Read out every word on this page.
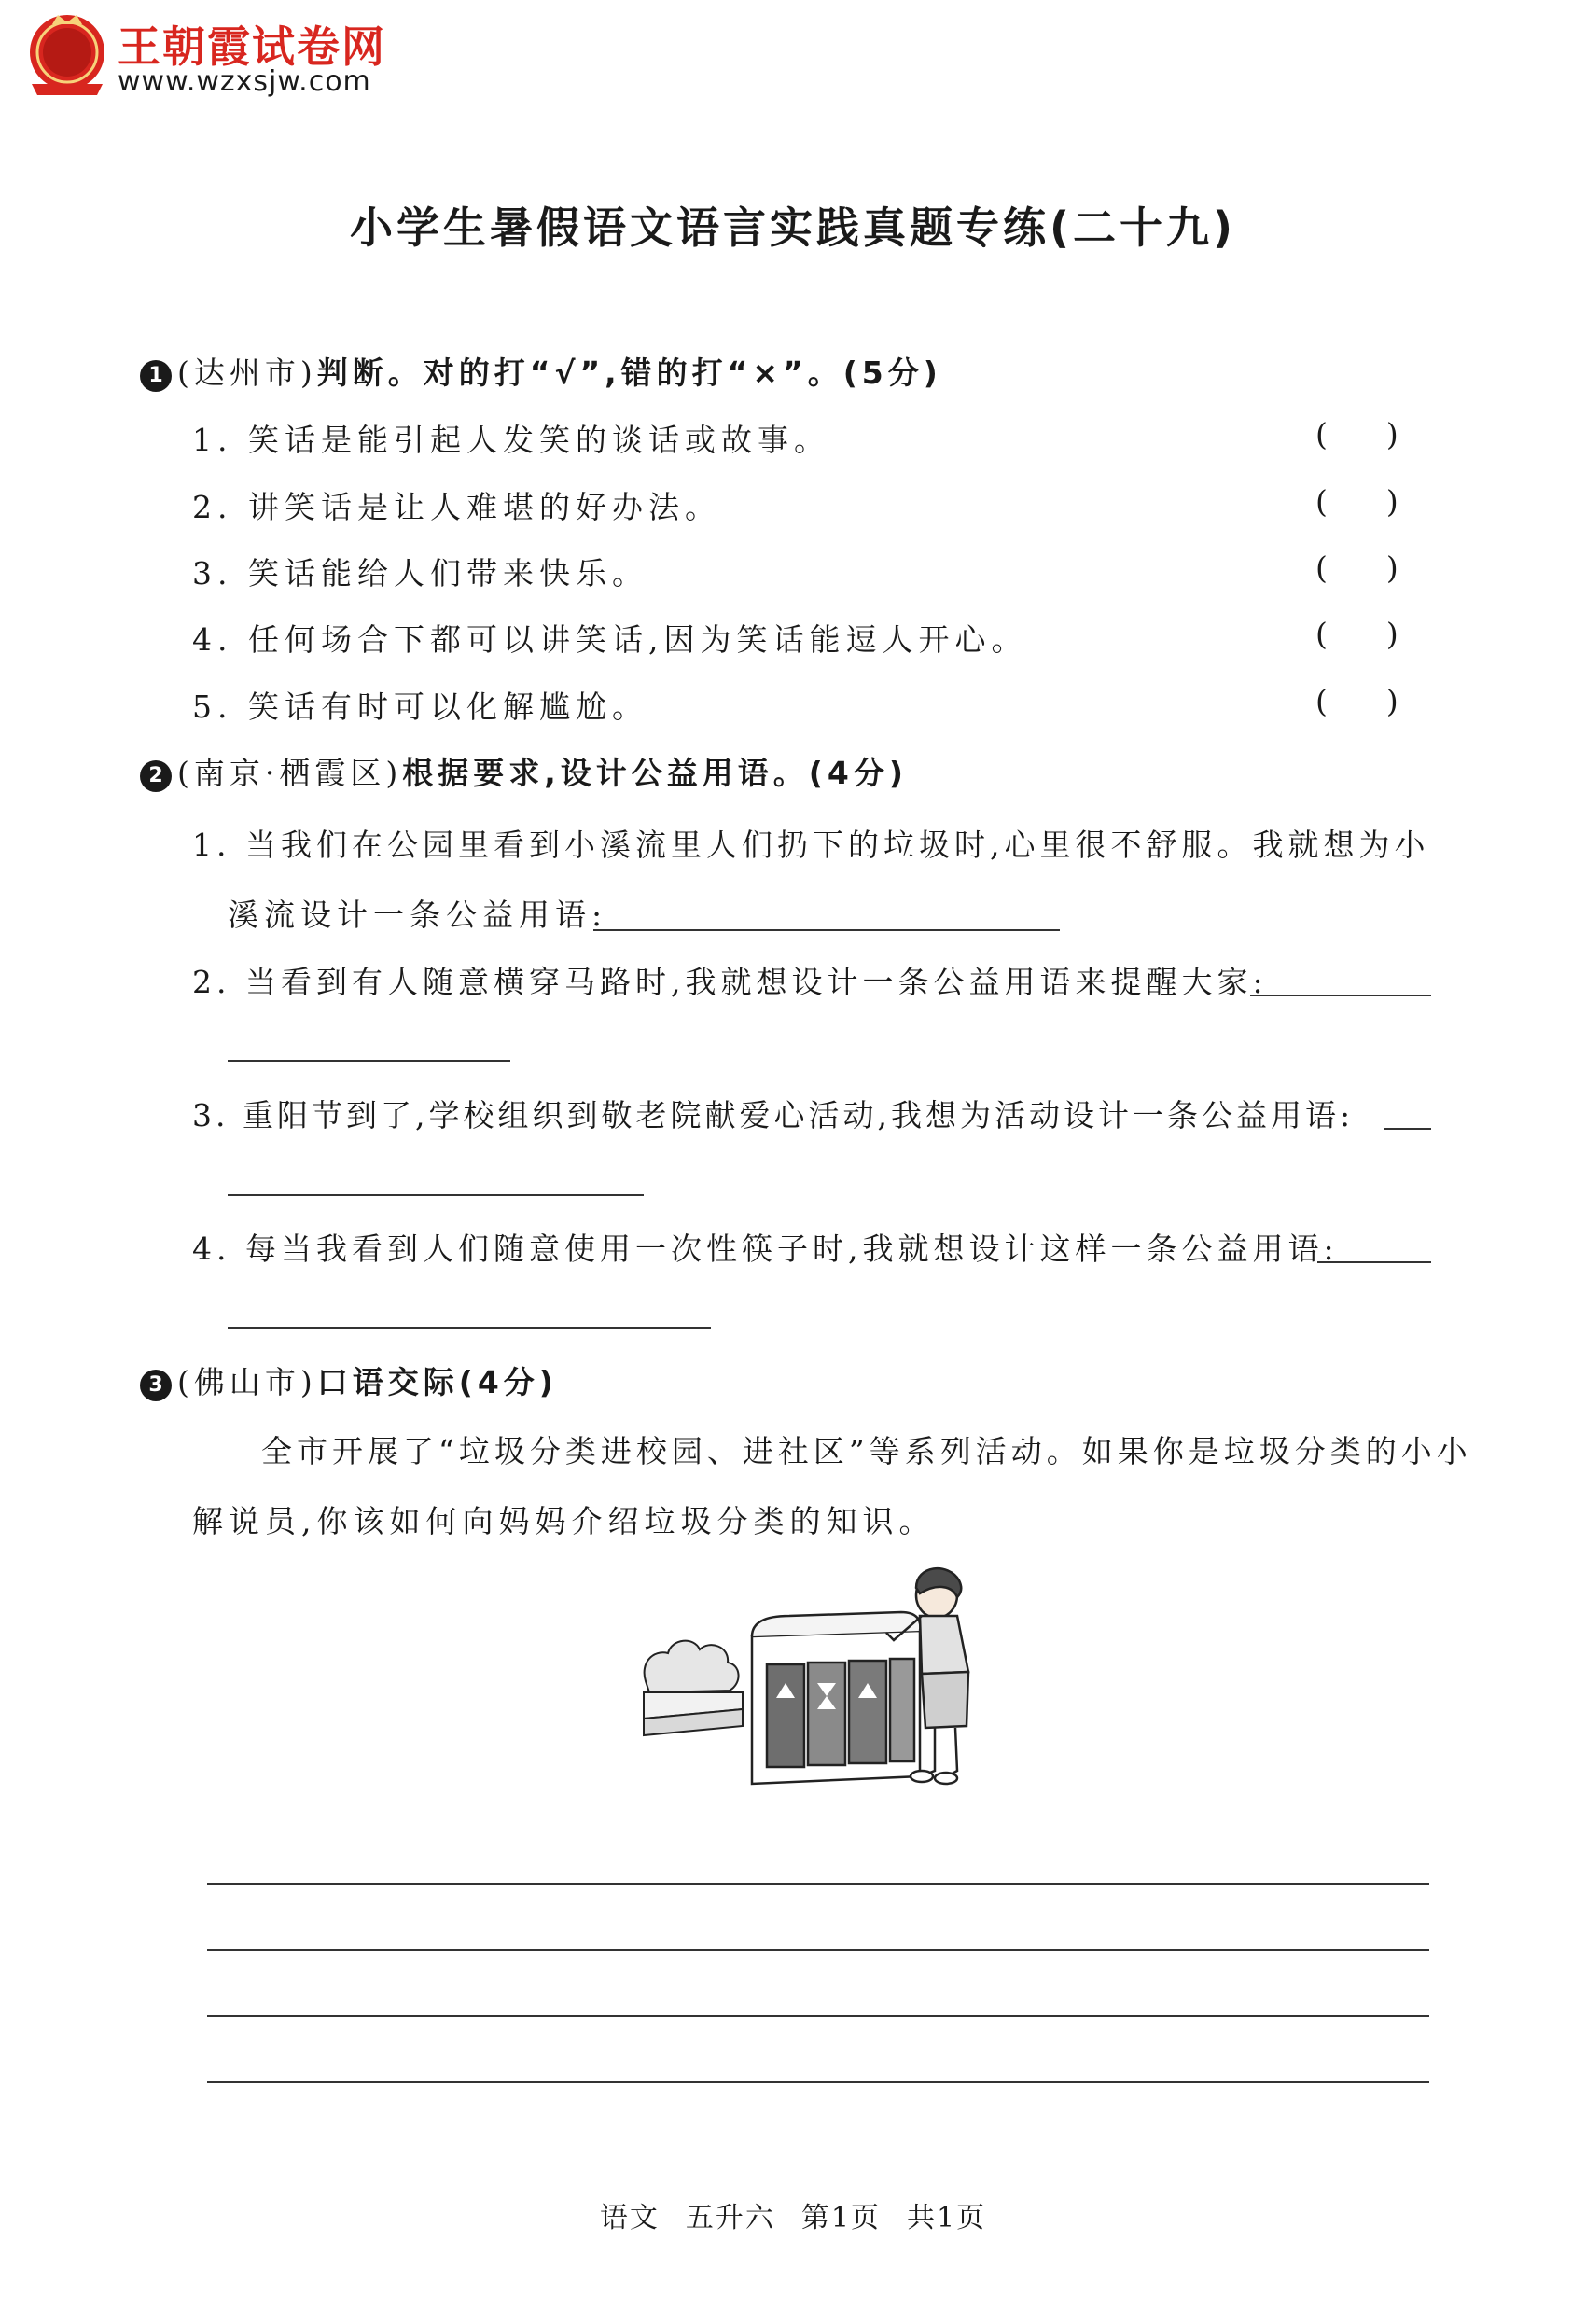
王朝霞试卷网
www.wzxsjw.com
小学生暑假语文语言实践真题专练(二十九)
1 (达州市)判断。对的打“√”,错的打“×”。(5分)
1. 笑话是能引起人发笑的谈话或故事。	(      )
2. 讲笑话是让人难堪的好办法。	(      )
3. 笑话能给人们带来快乐。	(      )
4. 任何场合下都可以讲笑话,因为笑话能逗人开心。	(      )
5. 笑话有时可以化解尴尬。	(      )
2 (南京·栖霞区)根据要求,设计公益用语。(4分)
1. 当我们在公园里看到小溪流里人们扔下的垃圾时,心里很不舒服。我就想为小
溪流设计一条公益用语:
2. 当看到有人随意横穿马路时,我就想设计一条公益用语来提醒大家:
3. 重阳节到了,学校组织到敬老院献爱心活动,我想为活动设计一条公益用语:
4. 每当我看到人们随意使用一次性筷子时,我就想设计这样一条公益用语:
3 (佛山市)口语交际(4分)
全市开展了“垃圾分类进校园、进社区”等系列活动。如果你是垃圾分类的小小
解说员,你该如何向妈妈介绍垃圾分类的知识。
语文 五升六 第1页 共1页
